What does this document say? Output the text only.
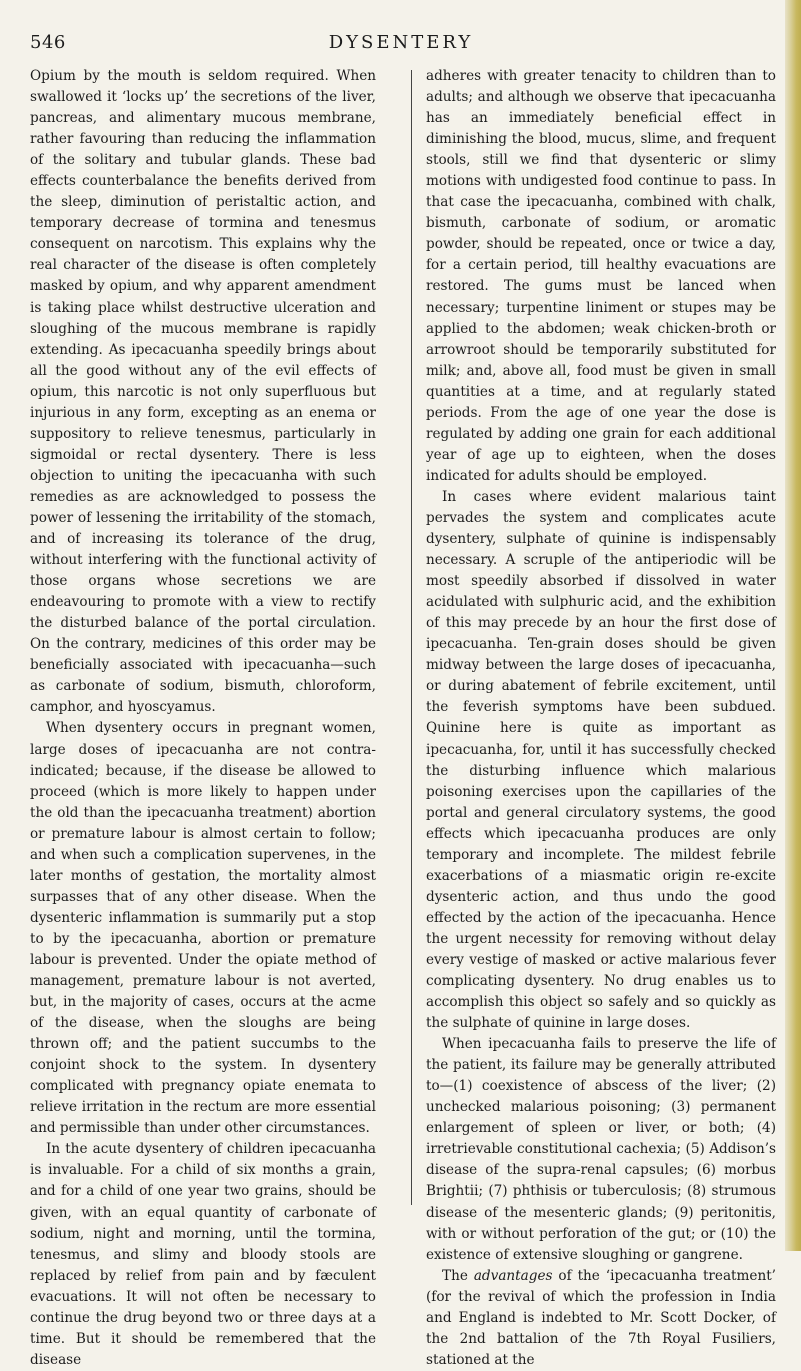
546	DYSENTERY

Opium by the mouth is seldom required. When swallowed it ‘locks up’ the secretions of the liver, pancreas, and alimentary mucous membrane, rather favouring than reducing the inflammation of the solitary and tubular glands. These bad effects counterbalance the benefits derived from the sleep, diminution of peristaltic action, and temporary decrease of tormina and tenesmus consequent on narcotism. This explains why the real character of the disease is often completely masked by opium, and why apparent amendment is taking place whilst destructive ulceration and sloughing of the mucous membrane is rapidly extending. As ipecacuanha speedily brings about all the good without any of the evil effects of opium, this narcotic is not only superfluous but injurious in any form, excepting as an enema or suppository to relieve tenesmus, particularly in sigmoidal or rectal dysentery. There is less objection to uniting the ipecacuanha with such remedies as are acknowledged to possess the power of lessening the irritability of the stomach, and of increasing its tolerance of the drug, without interfering with the functional activity of those organs whose secretions we are endeavouring to promote with a view to rectify the disturbed balance of the portal circulation. On the contrary, medicines of this order may be beneficially associated with ipecacuanha—such as carbonate of sodium, bismuth, chloroform, camphor, and hyoscyamus.

When dysentery occurs in pregnant women, large doses of ipecacuanha are not contra-indicated; because, if the disease be allowed to proceed (which is more likely to happen under the old than the ipecacuanha treatment) abortion or premature labour is almost certain to follow; and when such a complication supervenes, in the later months of gestation, the mortality almost surpasses that of any other disease. When the dysenteric inflammation is summarily put a stop to by the ipecacuanha, abortion or premature labour is prevented. Under the opiate method of management, premature labour is not averted, but, in the majority of cases, occurs at the acme of the disease, when the sloughs are being thrown off; and the patient succumbs to the conjoint shock to the system. In dysentery complicated with pregnancy opiate enemata to relieve irritation in the rectum are more essential and permissible than under other circumstances.

In the acute dysentery of children ipecacuanha is invaluable. For a child of six months a grain, and for a child of one year two grains, should be given, with an equal quantity of carbonate of sodium, night and morning, until the tormina, tenesmus, and slimy and bloody stools are replaced by relief from pain and by fæculent evacuations. It will not often be necessary to continue the drug beyond two or three days at a time. But it should be remembered that the disease

adheres with greater tenacity to children than to adults; and although we observe that ipecacuanha has an immediately beneficial effect in diminishing the blood, mucus, slime, and frequent stools, still we find that dysenteric or slimy motions with undigested food continue to pass. In that case the ipecacuanha, combined with chalk, bismuth, carbonate of sodium, or aromatic powder, should be repeated, once or twice a day, for a certain period, till healthy evacuations are restored. The gums must be lanced when necessary; turpentine liniment or stupes may be applied to the abdomen; weak chicken-broth or arrowroot should be temporarily substituted for milk; and, above all, food must be given in small quantities at a time, and at regularly stated periods. From the age of one year the dose is regulated by adding one grain for each additional year of age up to eighteen, when the doses indicated for adults should be employed.

In cases where evident malarious taint pervades the system and complicates acute dysentery, sulphate of quinine is indispensably necessary. A scruple of the antiperiodic will be most speedily absorbed if dissolved in water acidulated with sulphuric acid, and the exhibition of this may precede by an hour the first dose of ipecacuanha. Ten-grain doses should be given midway between the large doses of ipecacuanha, or during abatement of febrile excitement, until the feverish symptoms have been subdued. Quinine here is quite as important as ipecacuanha, for, until it has successfully checked the disturbing influence which malarious poisoning exercises upon the capillaries of the portal and general circulatory systems, the good effects which ipecacuanha produces are only temporary and incomplete. The mildest febrile exacerbations of a miasmatic origin re-excite dysenteric action, and thus undo the good effected by the action of the ipecacuanha. Hence the urgent necessity for removing without delay every vestige of masked or active malarious fever complicating dysentery. No drug enables us to accomplish this object so safely and so quickly as the sulphate of quinine in large doses.

When ipecacuanha fails to preserve the life of the patient, its failure may be generally attributed to—(1) coexistence of abscess of the liver; (2) unchecked malarious poisoning; (3) permanent enlargement of spleen or liver, or both; (4) irretrievable constitutional cachexia; (5) Addison’s disease of the supra-renal capsules; (6) morbus Brightii; (7) phthisis or tuberculosis; (8) strumous disease of the mesenteric glands; (9) peritonitis, with or without perforation of the gut; or (10) the existence of extensive sloughing or gangrene.

The advantages of the ‘ipecacuanha treatment’ (for the revival of which the profession in India and England is indebted to Mr. Scott Docker, of the 2nd battalion of the 7th Royal Fusiliers, stationed at the
